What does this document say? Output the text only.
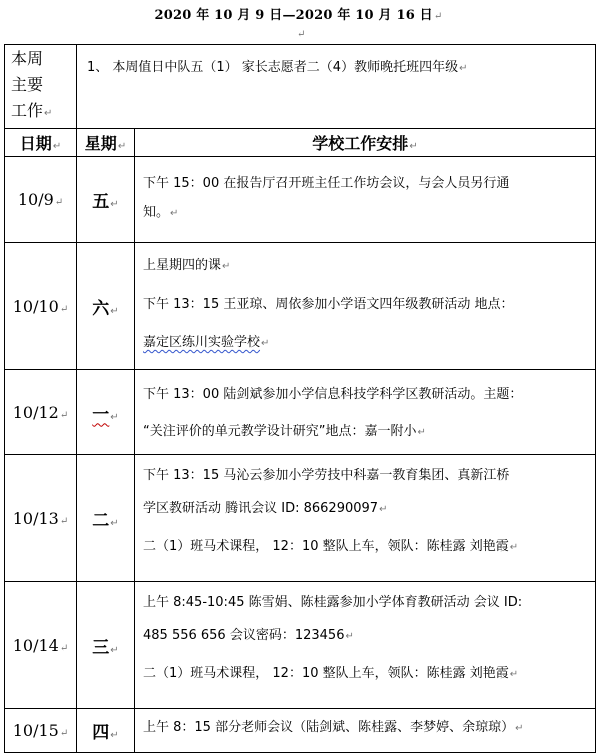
2020 年 10 月 9 日—2020 年 10 月 16 日↵
↵
本周
主要
工作↵	1、 本周值日中队五（1） 家长志愿者二（4）教师晚托班四年级↵	
日期↵	星期↵	学校工作安排↵
10/9↵	五↵	下午 15：00 在报告厅召开班主任工作坊会议，与会人员另行通

知。↵

10/10↵	六↵	上星期四的课↵

下午 13：15 王亚琼、周依参加小学语文四年级教研活动 地点：

嘉定区练川实验学校↵

10/12↵	一↵	下午 13：00 陆剑斌参加小学信息科技学科学区教研活动。主题：

“关注评价的单元教学设计研究”地点：嘉一附小↵

10/13↵	二↵	下午 13：15 马沁云参加小学劳技中科嘉一教育集团、真新江桥

学区教研活动 腾讯会议 ID: 866290097↵

二（1）班马术课程， 12：10 整队上车，领队：陈桂露 刘艳霞↵

10/14↵	三↵	上午 8:45-10:45 陈雪娟、陈桂露参加小学体育教研活动 会议 ID:

485 556 656 会议密码：123456↵

二（1）班马术课程， 12：10 整队上车，领队：陈桂露 刘艳霞↵

10/15↵	四↵	上午 8：15 部分老师会议（陆剑斌、陈桂露、李梦婷、余琼琼）↵
